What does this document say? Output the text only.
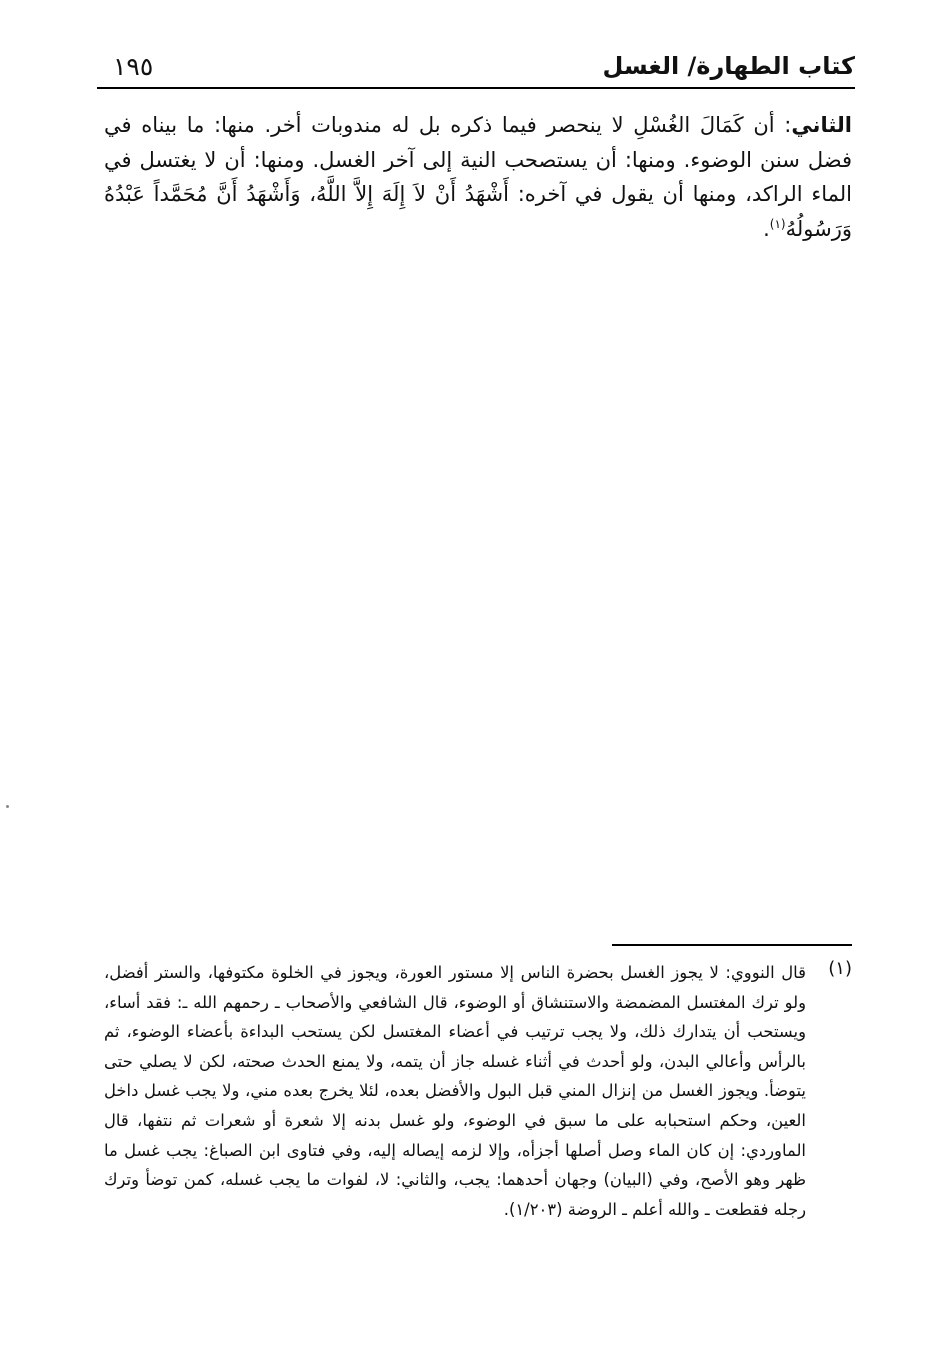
١٩٥	كتاب الطهارة/ الغسل
الثاني: أن كَمَالَ الغُسْلِ لا ينحصر فيما ذكره بل له مندوبات أخر. منها: ما بيناه في فضل سنن الوضوء. ومنها: أن يستصحب النية إلى آخر الغسل. ومنها: أن لا يغتسل في الماء الراكد، ومنها أن يقول في آخره: أَشْهَدُ أَنْ لاَ إِلَهَ إِلاَّ اللَّهُ، وَأَشْهَدُ أَنَّ مُحَمَّداً عَبْدُهُ وَرَسُولُهُ$^{(١)}$.
(١)
قال النووي: لا يجوز الغسل بحضرة الناس إلا مستور العورة، ويجوز في الخلوة مكتوفها، والستر أفضل، ولو ترك المغتسل المضمضة والاستنشاق أو الوضوء، قال الشافعي والأصحاب ـ رحمهم الله ـ: فقد أساء، ويستحب أن يتدارك ذلك، ولا يجب ترتيب في أعضاء المغتسل لكن يستحب البداءة بأعضاء الوضوء، ثم بالرأس وأعالي البدن، ولو أحدث في أثناء غسله جاز أن يتمه، ولا يمنع الحدث صحته، لكن لا يصلي حتى يتوضأ. ويجوز الغسل من إنزال المني قبل البول والأفضل بعده، لئلا يخرج بعده مني، ولا يجب غسل داخل العين، وحكم استحبابه على ما سبق في الوضوء، ولو غسل بدنه إلا شعرة أو شعرات ثم نتفها، قال الماوردي: إن كان الماء وصل أصلها أجزأه، وإلا لزمه إيصاله إليه، وفي فتاوى ابن الصباغ: يجب غسل ما ظهر وهو الأصح، وفي (البيان) وجهان أحدهما: يجب، والثاني: لا، لفوات ما يجب غسله، كمن توضأ وترك رجله فقطعت ـ والله أعلم ـ الروضة (١/٢٠٣).
